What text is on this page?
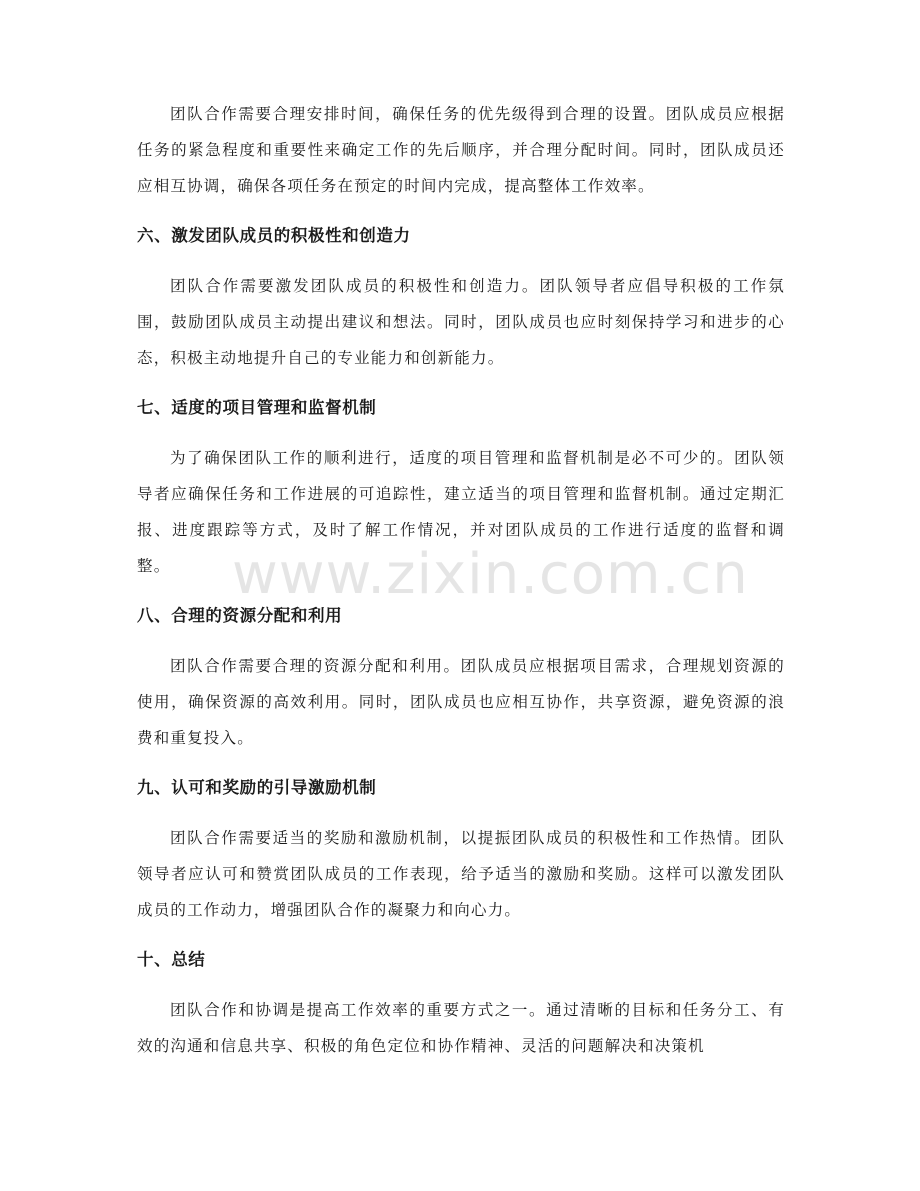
团队合作需要合理安排时间，确保任务的优先级得到合理的设置。团队成员应根据任务的紧急程度和重要性来确定工作的先后顺序，并合理分配时间。同时，团队成员还应相互协调，确保各项任务在预定的时间内完成，提高整体工作效率。

六、激发团队成员的积极性和创造力

团队合作需要激发团队成员的积极性和创造力。团队领导者应倡导积极的工作氛围，鼓励团队成员主动提出建议和想法。同时，团队成员也应时刻保持学习和进步的心态，积极主动地提升自己的专业能力和创新能力。

七、适度的项目管理和监督机制

为了确保团队工作的顺利进行，适度的项目管理和监督机制是必不可少的。团队领导者应确保任务和工作进展的可追踪性，建立适当的项目管理和监督机制。通过定期汇报、进度跟踪等方式，及时了解工作情况，并对团队成员的工作进行适度的监督和调整。

八、合理的资源分配和利用

团队合作需要合理的资源分配和利用。团队成员应根据项目需求，合理规划资源的使用，确保资源的高效利用。同时，团队成员也应相互协作，共享资源，避免资源的浪费和重复投入。

九、认可和奖励的引导激励机制

团队合作需要适当的奖励和激励机制，以提振团队成员的积极性和工作热情。团队领导者应认可和赞赏团队成员的工作表现，给予适当的激励和奖励。这样可以激发团队成员的工作动力，增强团队合作的凝聚力和向心力。

十、总结

团队合作和协调是提高工作效率的重要方式之一。通过清晰的目标和任务分工、有效的沟通和信息共享、积极的角色定位和协作精神、灵活的问题解决和决策机

www.zixin.com.cn
